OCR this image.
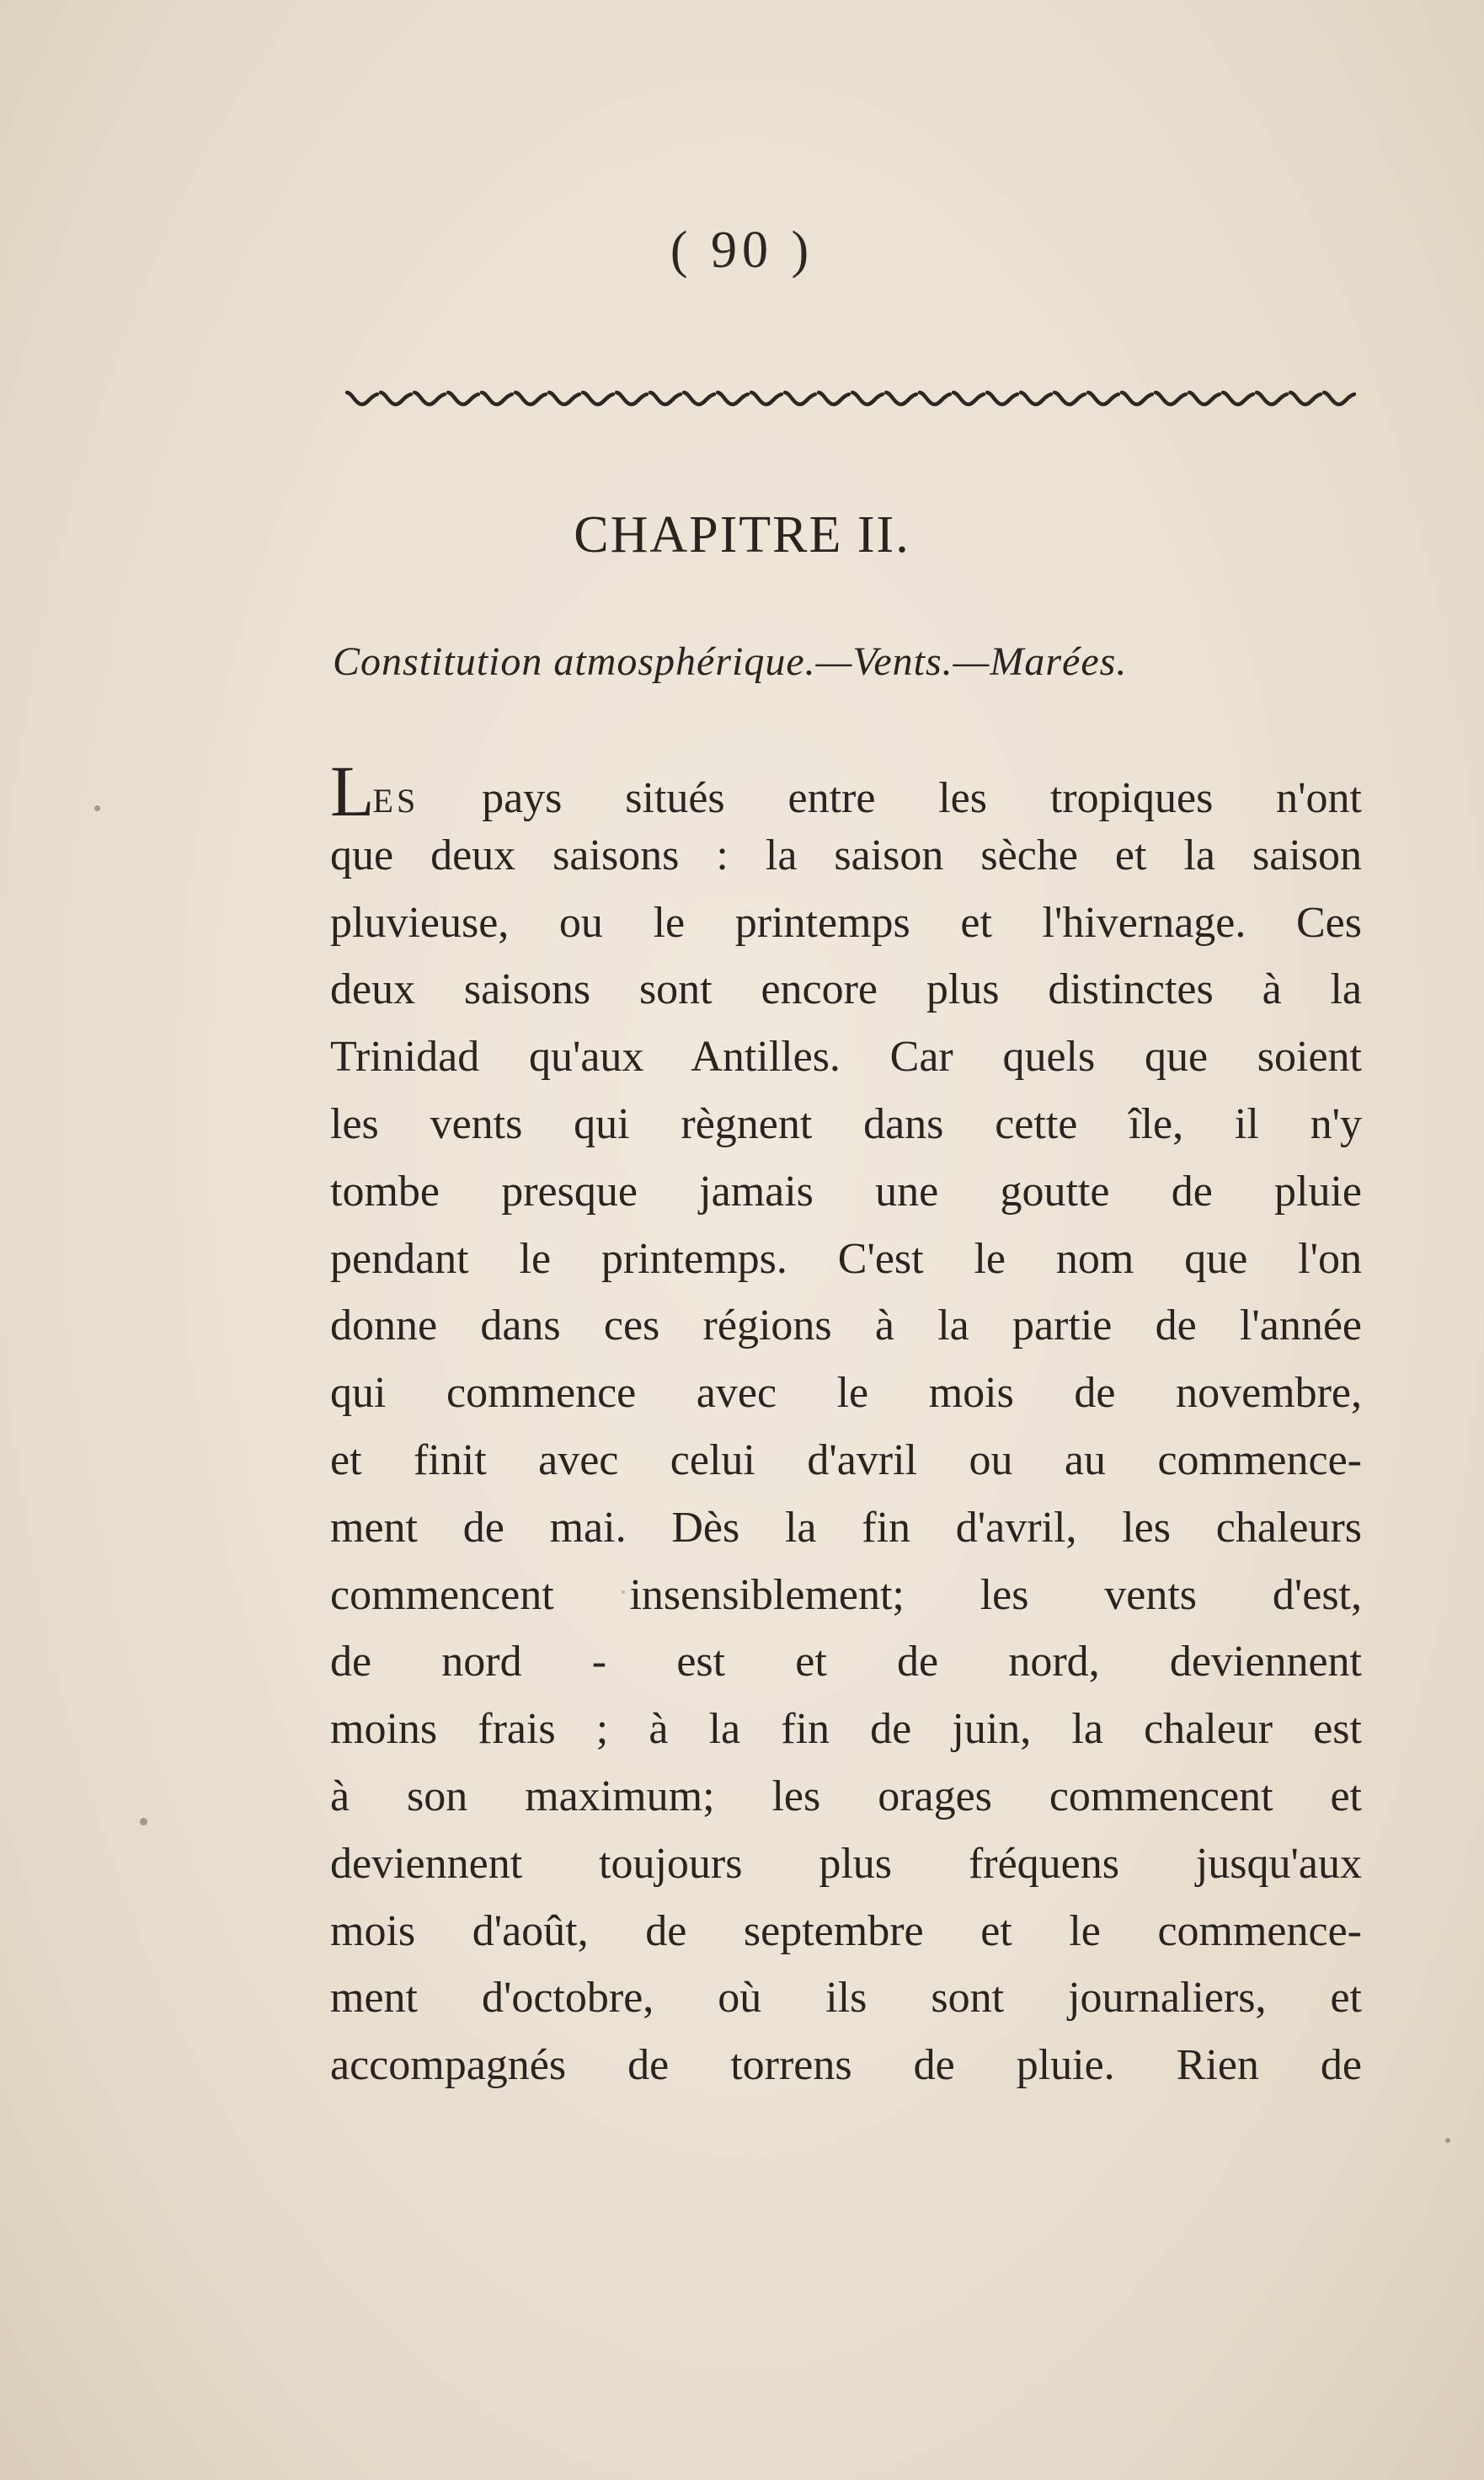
( 90 )
CHAPITRE II.
Constitution atmosphérique.—Vents.—Marées.
LES pays situés entre les tropiques n'ont
que deux saisons : la saison sèche et la saison
pluvieuse, ou le printemps et l'hivernage. Ces
deux saisons sont encore plus distinctes à la
Trinidad qu'aux Antilles. Car quels que soient
les vents qui règnent dans cette île, il n'y
tombe presque jamais une goutte de pluie
pendant le printemps. C'est le nom que l'on
donne dans ces régions à la partie de l'année
qui commence avec le mois de novembre,
et finit avec celui d'avril ou au commence-
ment de mai. Dès la fin d'avril, les chaleurs
commencent insensiblement; les vents d'est,
de nord - est et de nord, deviennent
moins frais ; à la fin de juin, la chaleur est
à son maximum; les orages commencent et
deviennent toujours plus fréquens jusqu'aux
mois d'août, de septembre et le commence-
ment d'octobre, où ils sont journaliers, et
accompagnés de torrens de pluie. Rien de
